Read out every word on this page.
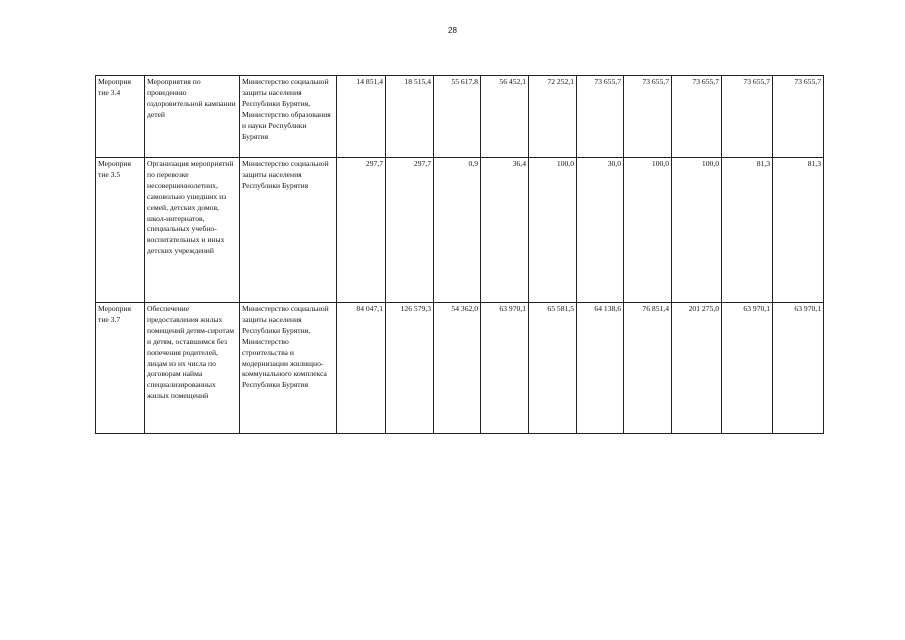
28
Мероприя тие 3.4	Мероприятия по проведению оздоровительной кампании детей	Министерство социальной защиты населения Республики Бурятия, Министерство образования и науки Республики Бурятия	14 851,4	18 515,4	55 617,8	56 452,1	72 252,1	73 655,7	73 655,7	73 655,7	73 655,7	73 655,7
Мероприя тие 3.5	Организация мероприятий по перевозке несовершеннолетних, самовольно ушедших из семей, детских домов, школ-интернатов, специальных учебно-воспитательных и иных детских учреждений	Министерство социальной защиты населения Республики Бурятия	297,7	297,7	0,9	36,4	100,0	30,0	100,0	100,0	81,3	81,3
Мероприя тие 3.7	Обеспечение предоставления жилых помещений детям-сиротам и детям, оставшимся без попечения родителей, лицам из их числа по договорам найма специализированных жилых помещений	Министерство социальной защиты населения Республики Бурятия, Министерство строительства и модернизации жилищно-коммунального комплекса Республики Бурятия	84 047,1	126 579,3	54 362,0	63 970,1	65 581,5	64 138,6	76 851,4	201 275,0	63 970,1	63 970,1
